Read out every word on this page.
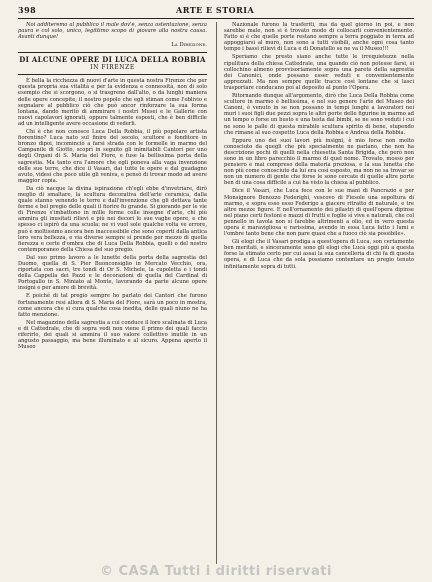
398	ARTE E STORIA

Noi additeremo al pubblico il male dov'è, senza ostentazione, senza paura e col solo, unico, legittimo scopo di giovare alla nostra causa. Avanti dunque!

La Direzione.
DI ALCUNE OPERE DI LUCA DELLA ROBBIA
IN FIRENZE

È bella la ricchezza di nuovi d'arte in questa nostra Firenze che per questa propria sua vitalità e per la evidenza e connessità, non di solo esempio che si scorgono, o si trasgreno dall'alto, o da lunghi maniera delle opere concepite, il nostro popolo che egli stiman come l'oblivio e segnalare al pubblico ciò che può ancor rinforzare la sua forma lontana, dando meritò di ammirare i nostri Musei e le Gallerie con nuovi capolavori ignorati, oppure talmente esposti, che è ben difficile ad un intelligente avere occasione di vederli.

Chi è che non conosce Luca Della Robbia, il più popolare artista fiorentino? Luca nato sul finire del secolo, scultore e fonditore in bronzo dipoi, incominciò a farsi strada con le formelle in marmo del Campanile di Giotto, scoprì in seguito gli inimitabili Cantori per uno degli Organi di S. Maria del Fiore, e fuse la bellissima porta della sagrestia. Ma tanto era l'amore che egli poneva alla vaga invenzione delle sue terre, che dice il Vasari, dai tutte le opere e dal guadagno avuto, videsi che poco utile gli veniva, e pensò di trovar modo ad avere maggior copia.

Da ciò nacque la divina ispirazione ch'egli ebbe d'invetriare, dirò meglio di smaltare, la scultura decorativa dell'arte ceramica, dalla quale stanno venendo le terre e dall'invenzione che gli dettava tante ferme e bel pregio delle quali il fiorire fu grande. Si giorando per le vie di Firenze s'imbattono in mille forme colle insegne d'arte, chi più ammira gli inusitati rilievi e più nei decori le sue vaghe opere, e che spesso ci ispirò da una scuola: ne vi vuol sole qualche volta ve errore, può è moltissimo ancora ben inaccessibile che sono coperti dalla antica loro vera bellezza, e via diverse sempre si prende per mezzo di quella fierezza e certe d'ombra che di Luca Della Robbia, quelli o del nostro contemporaneo della Chiesa del suo pregio.

Dal suo primo lavoro a le lunette della porta della sagrestia del Duomo, quella di S. Pier Buonconsiglio in Mercato Vecchio, ora, riportata con sacri, tre tondi di Or S. Michele, la cupoletta e i tondi della Cappella dei Pazzi e le decorazioni di quella del Cardinal di Portogallo in S. Miniato al Monte, lavorando da parte alcune opere insigni e per amore di brevità.

E poiché di tal pregio sempre ho parlato dei Cantori che furono fortunamente resi allora di S. Maria del Fiore, sarà un poco in mostra, come ancora che si cura qualche cosa inedita, delle quali niuno ne ha fatto menzione.

Nel magazzino della sagrestia a cui conduce il loro scalinata di Luca e di Cattedrale, che di sopra vedi non viene il primo dei quali faccio riferirlo, dei quali si ammira il suo valore collettivo inutile in un angusto passaggio, ma bene illuminato e al sicuro. Appena aperto il Museo

Nazionale furono là trasferiti, ma da quel giorno in poi, e non sarebbe male, non si è trovato modo di collocarli convenientemente. Fatto si è che quelle porte restano sempre a terra poggiato in terra ad appoggiarsi al muro, non sono a tutti visibili, anche ogni cosa tanto tempo i bassi rilievi di Luca e di Donatello se ne va il Museo!!!

Speriamo che presto siano anche tutte le irrequietezze nella ripulitura della chiesa Cattedrale, una quando ciò non potesse farsi, si collochino almeno provvisoriamente sopra una parete della sagrestia dei Canonici, onde possano esser veduti e convenientemente apprezzati. Ma non sempre quelle tracce così lontane che si lasci trasportare conducano poi al deposito al punto l'Opera.

Ritornando dunque all'argomento, dirò che Luca Della Robbia come scultore in marmo è bellissima, e nel suo genere l'arte del Museo dei Canoni, è venuto in se non possano in tempi lunghi a lavoratori nei muri i suoi figli due pezzi sopra le altri porte delle figurine in marmo ad un tempo o forse un busto e una testa dai bimbi, se ne sono veduti i cui ne sono le palle di questa mirabile scultura spirito di bene, stupendo che rimane al suo cospetto Luca della Robbia e Andrea della Robbia.

Eppure uno dei suoi lavori più insigni, è mio forse non molto conosciuto da quegli che più specialmente ne parlano, che non ha descrizione pochi di quelli nella chiesetta Santa Brigida, che però non sono in un libro parecchio il marmo di quel nome. Trovato, mosso per pensiero e mai compreso della materia preziosa, e la sua lunetta che non più come conosciuto da lui era così esposto, ma non ne sa trovar se non un numero di gente che forse le sono cercate di quelle altre porte ben di una cosa difficile a cui ha visto la chiesa al pubblico.

Dice il Vasari, che Luca fece con le sue mani di Pancrazio e per Monsignore Benozzo Federighi, vescovo di Fiesole una sepoltura di marmo, e sopra esso esso Federigo a giacere ritratto di naturale, e tre altre mezze figure. E nell'ornamento dei pilastri di quell'opera dipinse nel piano certi festoni e mazzi di frutti e foglie sì vive e naturali, che col pennello in tavola non si farebbe altrimenti a olio, ed in vero questa opera è maravigliosa e rarissima, avendo in essa Luca fatto i lumi e l'ombre tanto bene che non pare quasi che a fuoco ciò sia possibile».

Gli elogi che il Vasari prodiga a quest'opera di Luca, son certamente ben meritati, e sinceramente sono gli elogi che Luca oggi più a questa forse la stimato certo per cui assai la sua cancelleria di chi fa di questa opera, e di Luca che da sola possiamo contentare un pregio tenuto infinitamente sopra di tutti.

© CASA Tutti i diritti riservati
